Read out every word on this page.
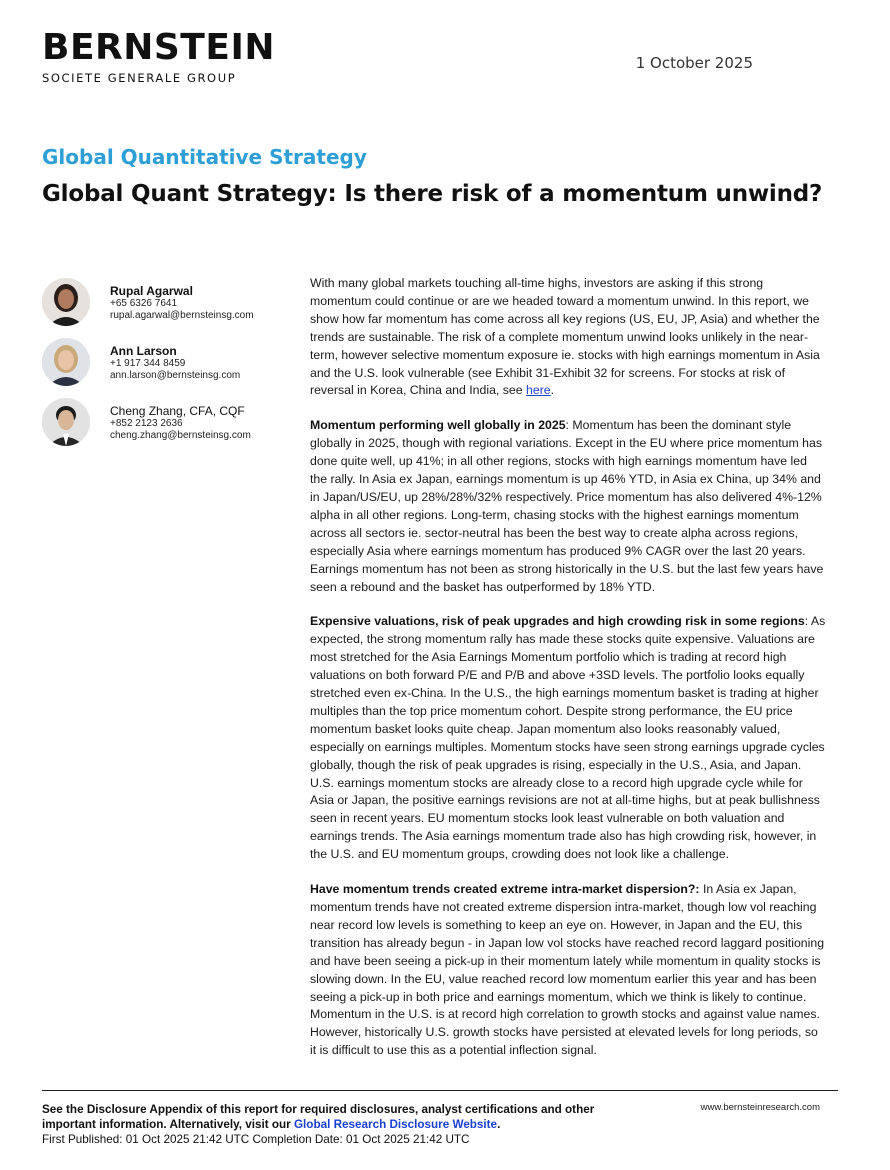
BERNSTEIN
SOCIETE GENERALE GROUP
1 October 2025
Global Quantitative Strategy
Global Quant Strategy: Is there risk of a momentum unwind?
Rupal Agarwal
+65 6326 7641
rupal.agarwal@bernsteinsg.com
Ann Larson
+1 917 344 8459
ann.larson@bernsteinsg.com
Cheng Zhang, CFA, CQF
+852 2123 2636
cheng.zhang@bernsteinsg.com

With many global markets touching all-time highs, investors are asking if this strong momentum could continue or are we headed toward a momentum unwind. In this report, we show how far momentum has come across all key regions (US, EU, JP, Asia) and whether the trends are sustainable. The risk of a complete momentum unwind looks unlikely in the near-term, however selective momentum exposure ie. stocks with high earnings momentum in Asia and the U.S. look vulnerable (see Exhibit 31-Exhibit 32 for screens. For stocks at risk of reversal in Korea, China and India, see here.

Momentum performing well globally in 2025: Momentum has been the dominant style globally in 2025, though with regional variations. Except in the EU where price momentum has done quite well, up 41%; in all other regions, stocks with high earnings momentum have led the rally. In Asia ex Japan, earnings momentum is up 46% YTD, in Asia ex China, up 34% and in Japan/US/EU, up 28%/28%/32% respectively. Price momentum has also delivered 4%-12% alpha in all other regions. Long-term, chasing stocks with the highest earnings momentum across all sectors ie. sector-neutral has been the best way to create alpha across regions, especially Asia where earnings momentum has produced 9% CAGR over the last 20 years. Earnings momentum has not been as strong historically in the U.S. but the last few years have seen a rebound and the basket has outperformed by 18% YTD.

Expensive valuations, risk of peak upgrades and high crowding risk in some regions: As expected, the strong momentum rally has made these stocks quite expensive. Valuations are most stretched for the Asia Earnings Momentum portfolio which is trading at record high valuations on both forward P/E and P/B and above +3SD levels. The portfolio looks equally stretched even ex-China. In the U.S., the high earnings momentum basket is trading at higher multiples than the top price momentum cohort. Despite strong performance, the EU price momentum basket looks quite cheap. Japan momentum also looks reasonably valued, especially on earnings multiples. Momentum stocks have seen strong earnings upgrade cycles globally, though the risk of peak upgrades is rising, especially in the U.S., Asia, and Japan. U.S. earnings momentum stocks are already close to a record high upgrade cycle while for Asia or Japan, the positive earnings revisions are not at all-time highs, but at peak bullishness seen in recent years. EU momentum stocks look least vulnerable on both valuation and earnings trends. The Asia earnings momentum trade also has high crowding risk, however, in the U.S. and EU momentum groups, crowding does not look like a challenge.

Have momentum trends created extreme intra-market dispersion?: In Asia ex Japan, momentum trends have not created extreme dispersion intra-market, though low vol reaching near record low levels is something to keep an eye on. However, in Japan and the EU, this transition has already begun - in Japan low vol stocks have reached record laggard positioning and have been seeing a pick-up in their momentum lately while momentum in quality stocks is slowing down. In the EU, value reached record low momentum earlier this year and has been seeing a pick-up in both price and earnings momentum, which we think is likely to continue. Momentum in the U.S. is at record high correlation to growth stocks and against value names. However, historically U.S. growth stocks have persisted at elevated levels for long periods, so it is difficult to use this as a potential inflection signal.

See the Disclosure Appendix of this report for required disclosures, analyst certifications and other important information. Alternatively, visit our Global Research Disclosure Website.
First Published: 01 Oct 2025 21:42 UTC Completion Date: 01 Oct 2025 21:42 UTC
www.bernsteinresearch.com
